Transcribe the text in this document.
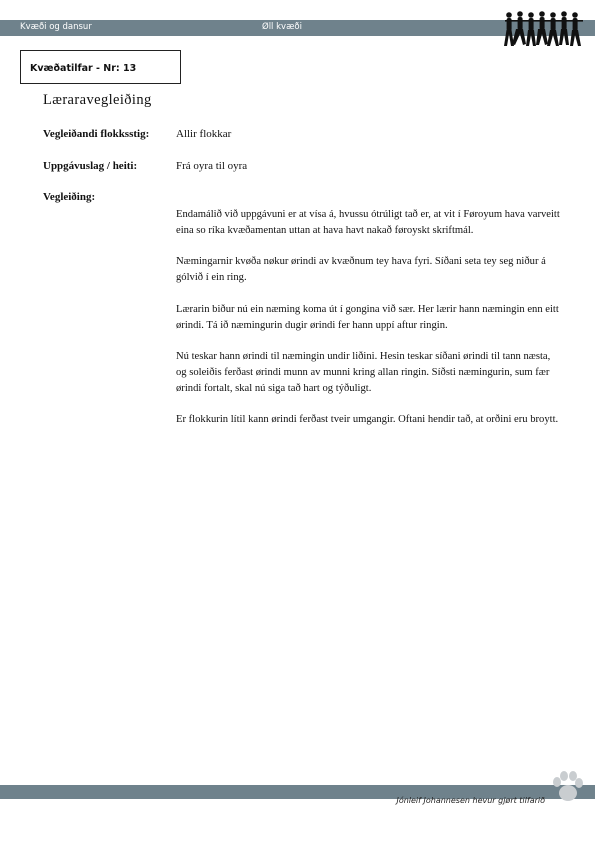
Kvæði og dansur	Øll kvæði
Kvæðatilfar - Nr: 13
Læraravegleiðing
Vegleiðandi flokksstig: Allir flokkar
Uppgávuslag / heiti:	Frá oyra til oyra
Vegleiðing:

Endamálið við uppgávuni er at vísa á, hvussu ótrúligt tað er, at vit í Føroyum hava varveitt eina so ríka kvæðamentan uttan at hava havt nakað føroyskt skriftmál.

Næmingarnir kvøða nøkur ørindi av kvæðnum tey hava fyri. Síðani seta tey seg niður á gólvið í ein ring.

Lærarin biður nú ein næming koma út í gongina við sær. Her lærir hann næmingin enn eitt ørindi. Tá ið næmingurin dugir ørindi fer hann uppí aftur ringin.

Nú teskar hann ørindi til næmingin undir liðini. Hesin teskar síðani ørindi til tann næsta, og soleiðis ferðast ørindi munn av munni kring allan ringin. Síðsti næmingurin, sum fær ørindi fortalt, skal nú siga tað hart og týðuligt.

Er flokkurin lítil kann ørindi ferðast tveir umgangir. Oftani hendir tað, at orðini eru broytt.

Jónleif Johannesen hevur gjørt tilfarið
